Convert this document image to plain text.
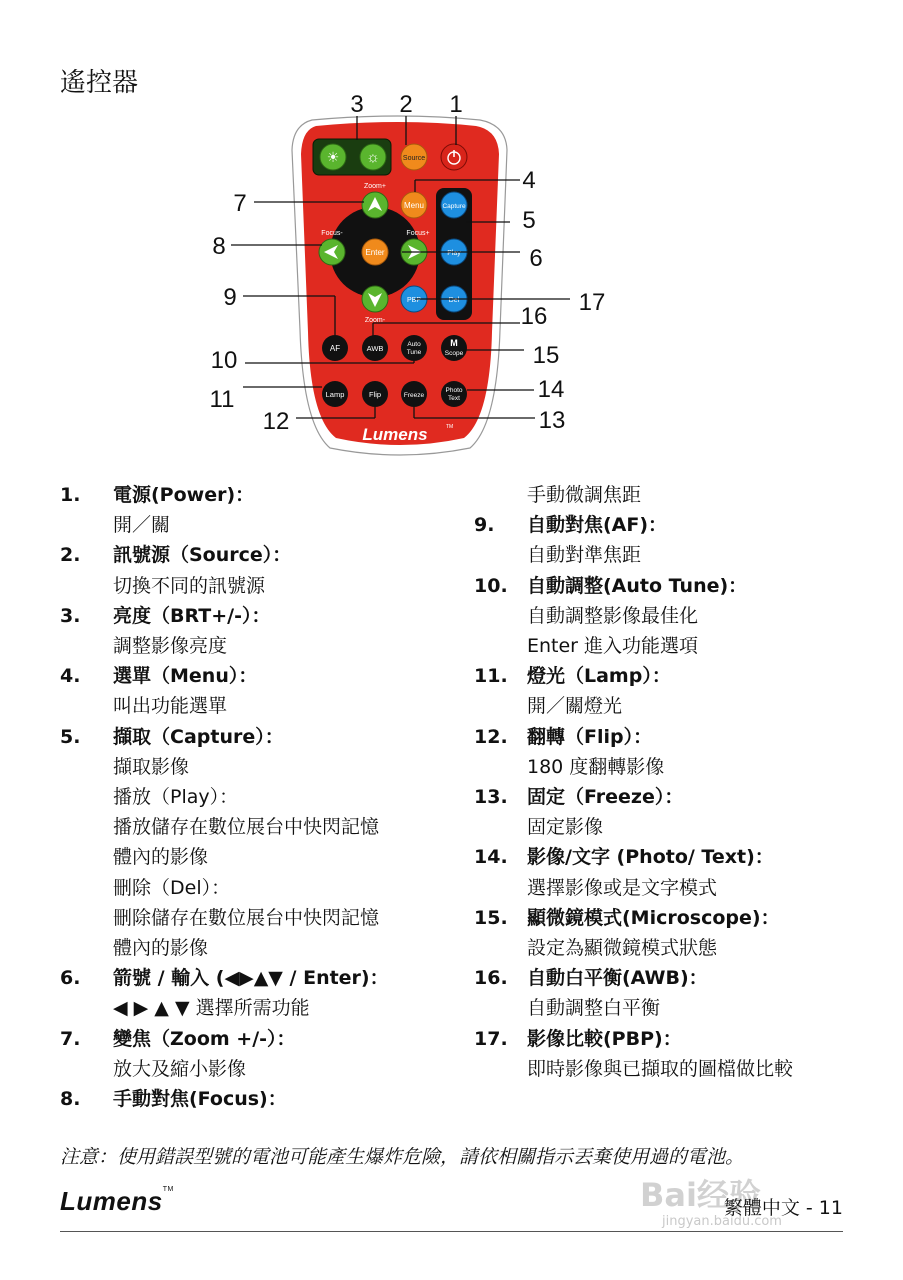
遙控器
☀ ☼	Source
Zoom+
Focus-
Enter
Focus+
Zoom-
Menu	Capture
Play
PBP	Del
AF	AWB	Auto
Tune
M
Scope
Lamp	Flip	Freeze
Photo
Text
Lumens	TM
1
2
3
4
5
6
7
8
9
10
11
12	13
14
15
16
17
1. 電源(Power)：
開／關
2. 訊號源（Source）：
切換不同的訊號源
3. 亮度（BRT+/-）：
調整影像亮度
4. 選單（Menu）：
叫出功能選單
5. 擷取（Capture）：
擷取影像
播放（Play）：
播放儲存在數位展台中快閃記憶
體內的影像
刪除（Del）：
刪除儲存在數位展台中快閃記憶
體內的影像
6. 箭號 / 輸入 (◀▶▲▼ / Enter)：
◀ ▶ ▲ ▼ 選擇所需功能
7. 變焦（Zoom +/-）：
放大及縮小影像
8. 手動對焦(Focus)：
手動微調焦距
9. 自動對焦(AF)：
自動對準焦距
10. 自動調整(Auto Tune)：
自動調整影像最佳化
Enter 進入功能選項
11. 燈光（Lamp）：
開／關燈光
12. 翻轉（Flip）：
180 度翻轉影像
13. 固定（Freeze）：
固定影像
14. 影像/文字 (Photo/ Text)：
選擇影像或是文字模式
15. 顯微鏡模式(Microscope)：
設定為顯微鏡模式狀態
16. 自動白平衡(AWB)：
自動調整白平衡
17. 影像比較(PBP)：
即時影像與已擷取的圖檔做比較
注意：使用錯誤型號的電池可能產生爆炸危險，請依相關指示丟棄使用過的電池。
Lumens™	Bai经验
jingyan.baidu.com
繁體中文 - 11
